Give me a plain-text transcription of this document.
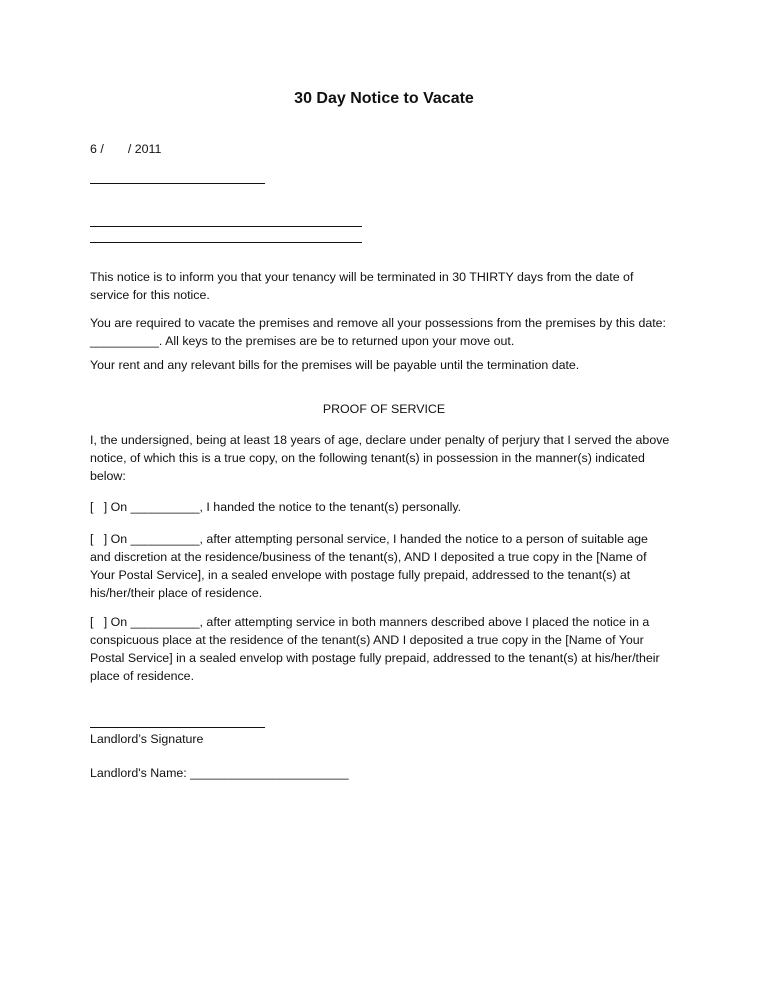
30 Day Notice to Vacate
6 /       / 2011
This notice is to inform you that your tenancy will be terminated in 30 THIRTY days from the date of
service for this notice.
You are required to vacate the premises and remove all your possessions from the premises by this date:
__________. All keys to the premises are be to returned upon your move out.
Your rent and any relevant bills for the premises will be payable until the termination date.
PROOF OF SERVICE
I, the undersigned, being at least 18 years of age, declare under penalty of perjury that I served the above
notice, of which this is a true copy, on the following tenant(s) in possession in the manner(s) indicated
below:
[   ] On __________, I handed the notice to the tenant(s) personally.
[   ] On __________, after attempting personal service, I handed the notice to a person of suitable age
and discretion at the residence/business of the tenant(s), AND I deposited a true copy in the [Name of
Your Postal Service], in a sealed envelope with postage fully prepaid, addressed to the tenant(s) at
his/her/their place of residence.
[   ] On __________, after attempting service in both manners described above I placed the notice in a
conspicuous place at the residence of the tenant(s) AND I deposited a true copy in the [Name of Your
Postal Service] in a sealed envelop with postage fully prepaid, addressed to the tenant(s) at his/her/their
place of residence.
Landlord’s Signature
Landlord's Name: _______________________
